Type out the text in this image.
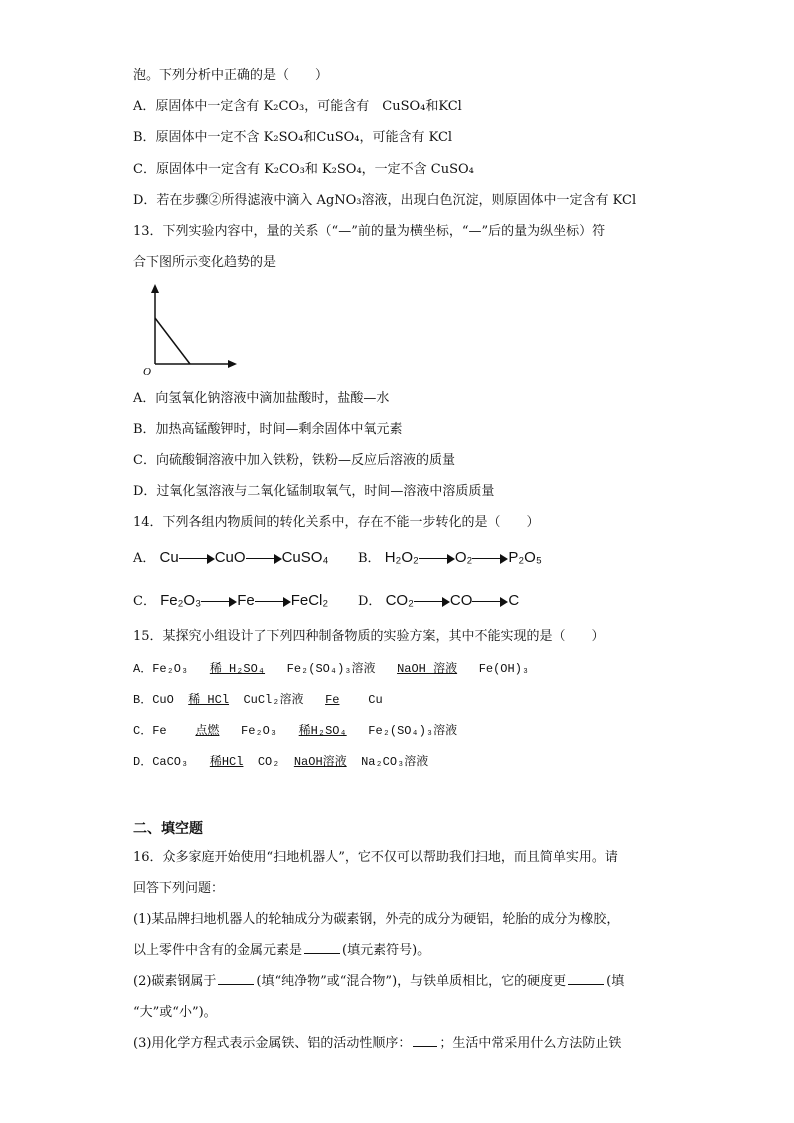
泡。下列分析中正确的是（　　）
A．原固体中一定含有 K₂CO₃，可能含有　CuSO₄和KCl
B．原固体中一定不含 K₂SO₄和CuSO₄，可能含有 KCl
C．原固体中一定含有 K₂CO₃和 K₂SO₄，一定不含 CuSO₄
D．若在步骤②所得滤液中滴入 AgNO₃溶液，出现白色沉淀，则原固体中一定含有 KCl
13．下列实验内容中，量的关系（“—”前的量为横坐标，“—”后的量为纵坐标）符
合下图所示变化趋势的是
O
A．向氢氧化钠溶液中滴加盐酸时，盐酸—水
B．加热高锰酸钾时，时间—剩余固体中氧元素
C．向硫酸铜溶液中加入铁粉，铁粉—反应后溶液的质量
D．过氧化氢溶液与二氧化锰制取氧气，时间—溶液中溶质质量
14．下列各组内物质间的转化关系中，存在不能一步转化的是（　　）
A． Cu CuO CuSO₄ B． H₂O₂ O₂ P₂O₅
C． Fe₂O₃ Fe FeCl₂ D． CO₂ CO C
15．某探究小组设计了下列四种制备物质的实验方案，其中不能实现的是（　　）
A．Fe₂O₃ 稀 H₂SO₄ Fe₂(SO₄)₃溶液 NaOH 溶液 Fe(OH)₃
B．CuO 稀 HCl CuCl₂溶液 Fe Cu
C．Fe 点燃 Fe₂O₃ 稀H₂SO₄ Fe₂(SO₄)₃溶液
D．CaCO₃ 稀HCl CO₂ NaOH溶液 Na₂CO₃溶液
二、填空题
16．众多家庭开始使用“扫地机器人”，它不仅可以帮助我们扫地，而且简单实用。请
回答下列问题：
(1)某品牌扫地机器人的轮轴成分为碳素钢，外壳的成分为硬铝，轮胎的成分为橡胶，
以上零件中含有的金属元素是	(填元素符号)。
(2)碳素钢属于	(填“纯净物”或“混合物”)，与铁单质相比，它的硬度更	(填
“大”或“小”)。
(3)用化学方程式表示金属铁、铝的活动性顺序： ；生活中常采用什么方法防止铁
